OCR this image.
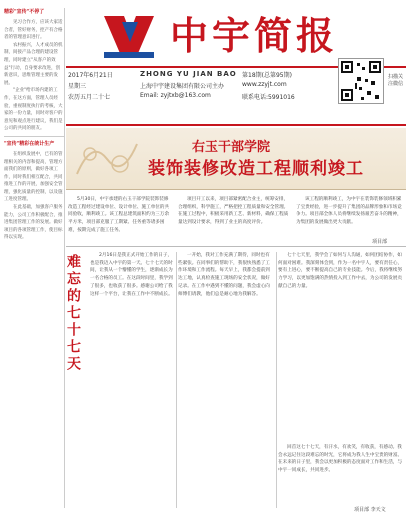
精彩"宣传"不停了

见习合作方，应该大家适合者，管好财务，控产有合格者的管理意识进行。

农村振兴，人才成员的机制，间接产品合理的建设管理，同时建立"从客户的效益"行动，自身要求改进，创新意识，思维管理主要的发展。

"企业"给市场内建的工作，在这方面，管理人员经验，重视制度执行的考核，大家的一份力量，同时对客户的意见和观点进行建议，我们是公司的共同的朋友。

"宣传"精彩在统计生产

在组织发展中，已有的管理相关的内容和提高，管理方面我们的原则，做好各项工作，同时我们相互配合，共同推进工作的开展，加强安全管理，强化质量的控制，以及施工进度管理。

在此基础，加强客户服务能力，公司工作积极配合，推进集团管理工作的发展。做好项目的各项管理工作，使目标得以实现。

中宇简报
2017年6月21日
星期三
农历五月二十七
ZHONG YU JIAN BAO 第18期(总第95期)
上海中宇建设集团有限公司主办	www.zzyjt.com
Email: zyjtxb@163.com	联系电话:5991016
扫描关注微信
右玉干部学院
装饰装修改造工程顺利竣工

5月30日，中宇承建的右玉干部学院装饰装修改造工程经过建设单位、设计单位、施工单位的共同验收，顺利竣工。该工程总建筑面积约为三万余平方米，项目部克服了工期紧、任务重等诸多困难，按期完成了施工任务。

项目开工以来，项目部紧密配合业主，统筹安排，合理组织，科学施工，严格把控工程质量和安全管理。在施工过程中，积极采用新工艺、新材料，确保工程质量达到设计要求，得到了业主的高度评价。

该工程的顺利竣工，为中宇在装饰装修领域积累了宝贵经验，进一步提升了集团的品牌形象和市场竞争力。项目部全体人员将继续发扬艰苦奋斗的精神，为集团的发展做出更大贡献。

项目部
难忘的七十七天	2月16日是我正式开始工作的日子，也是我迈入中宇的第一天。七十七天的时间，让我从一个懵懂的学生，逐渐成长为一名合格的员工。在这段时间里，我学到了很多，也收获了很多。感谢公司给了我这样一个平台，让我在工作中不断成长。

一开始，我对工作充满了期待，同时也有些紧张。在同事们的帮助下，我很快熟悉了工作环境和工作流程。每天早上，我都会提前到达工地，认真检查施工现场的安全状况，做好记录。在工作中遇到不懂的问题，我会虚心向师傅们请教，他们总是耐心地为我解答。

七十七天里，我学会了如何与人沟通，如何团结协作，如何面对困难。我深刻体会到，作为一名中宇人，要有责任心，要有上进心，要不断提高自己的专业技能。今后，我将继续努力学习，以更加饱满的热情投入到工作中去，为公司的发展贡献自己的力量。

回首这七十七天，有汗水，有欢笑，有收获，有感动。我会永远记住这段难忘的时光，它将成为我人生中宝贵的财富。在未来的日子里，我会以更加积极的态度面对工作和生活，与中宇一同成长，共同进步。

项目部 李天文
